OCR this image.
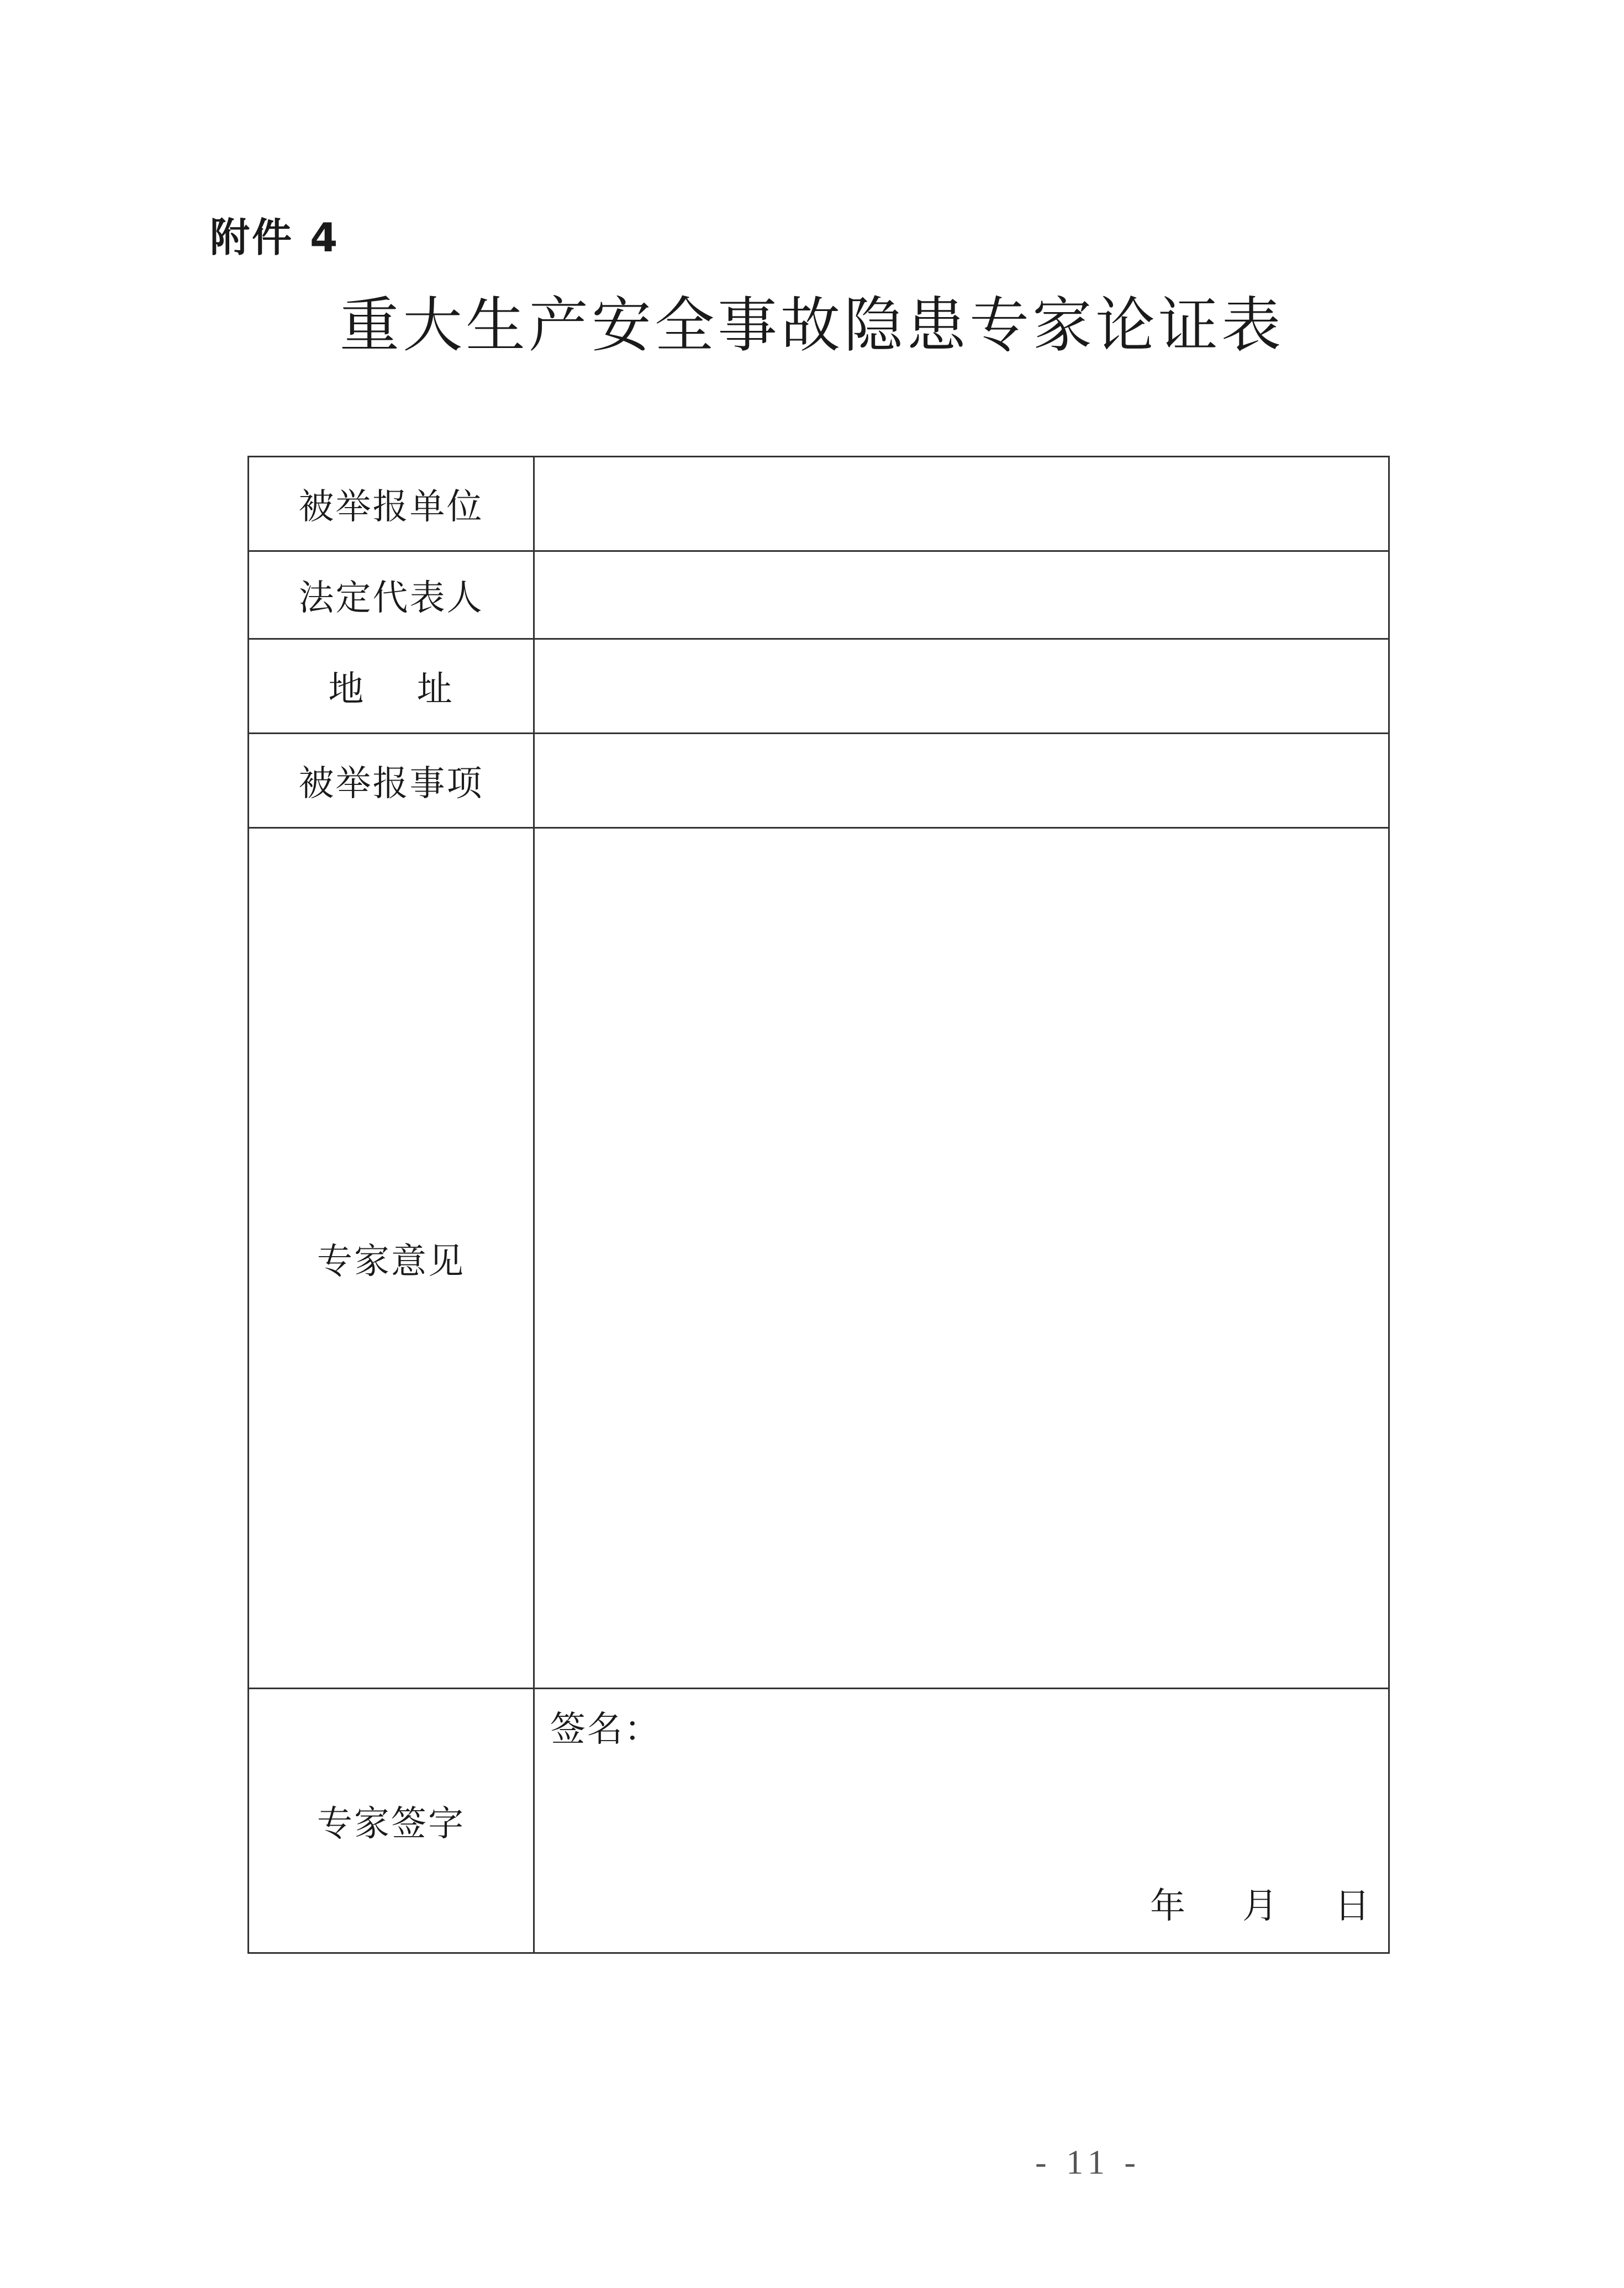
附件 4
重大生产安全事故隐患专家论证表
被举报单位	
法定代表人	
地    址	
被举报事项	
专家意见	
专家签字	签名：
年 月 日
- 11 -
